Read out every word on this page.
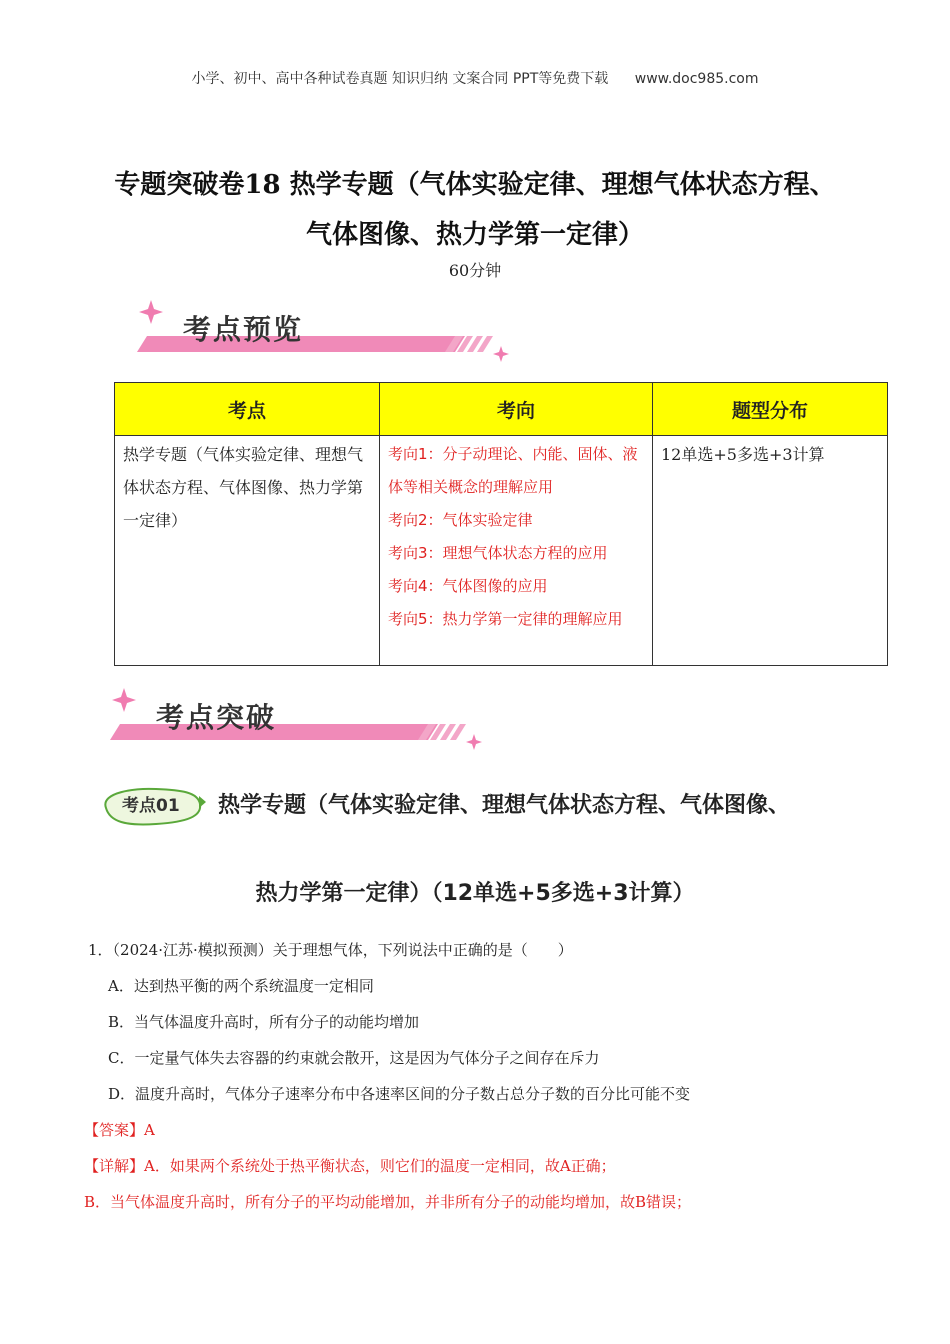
小学、初中、高中各种试卷真题 知识归纳 文案合同 PPT等免费下载 www.doc985.com
专题突破卷18 热学专题（气体实验定律、理想气体状态方程、
气体图像、热力学第一定律）
60分钟
考点预览
考点	考向	题型分布
热学专题（气体实验定律、理想气体状态方程、气体图像、热力学第一定律）	考向1：分子动理论、内能、固体、液体等相关概念的理解应用
考向2：气体实验定律
考向3：理想气体状态方程的应用
考向4：气体图像的应用
考向5：热力学第一定律的理解应用	12单选+5多选+3计算
考点突破
考点01 热学专题（气体实验定律、理想气体状态方程、气体图像、
热力学第一定律）（12单选+5多选+3计算）
1．（2024·江苏·模拟预测）关于理想气体，下列说法中正确的是（　　）
A．达到热平衡的两个系统温度一定相同
B．当气体温度升高时，所有分子的动能均增加
C．一定量气体失去容器的约束就会散开，这是因为气体分子之间存在斥力
D．温度升高时，气体分子速率分布中各速率区间的分子数占总分子数的百分比可能不变
【答案】A
【详解】A．如果两个系统处于热平衡状态，则它们的温度一定相同，故A正确；
B．当气体温度升高时，所有分子的平均动能增加，并非所有分子的动能均增加，故B错误；
